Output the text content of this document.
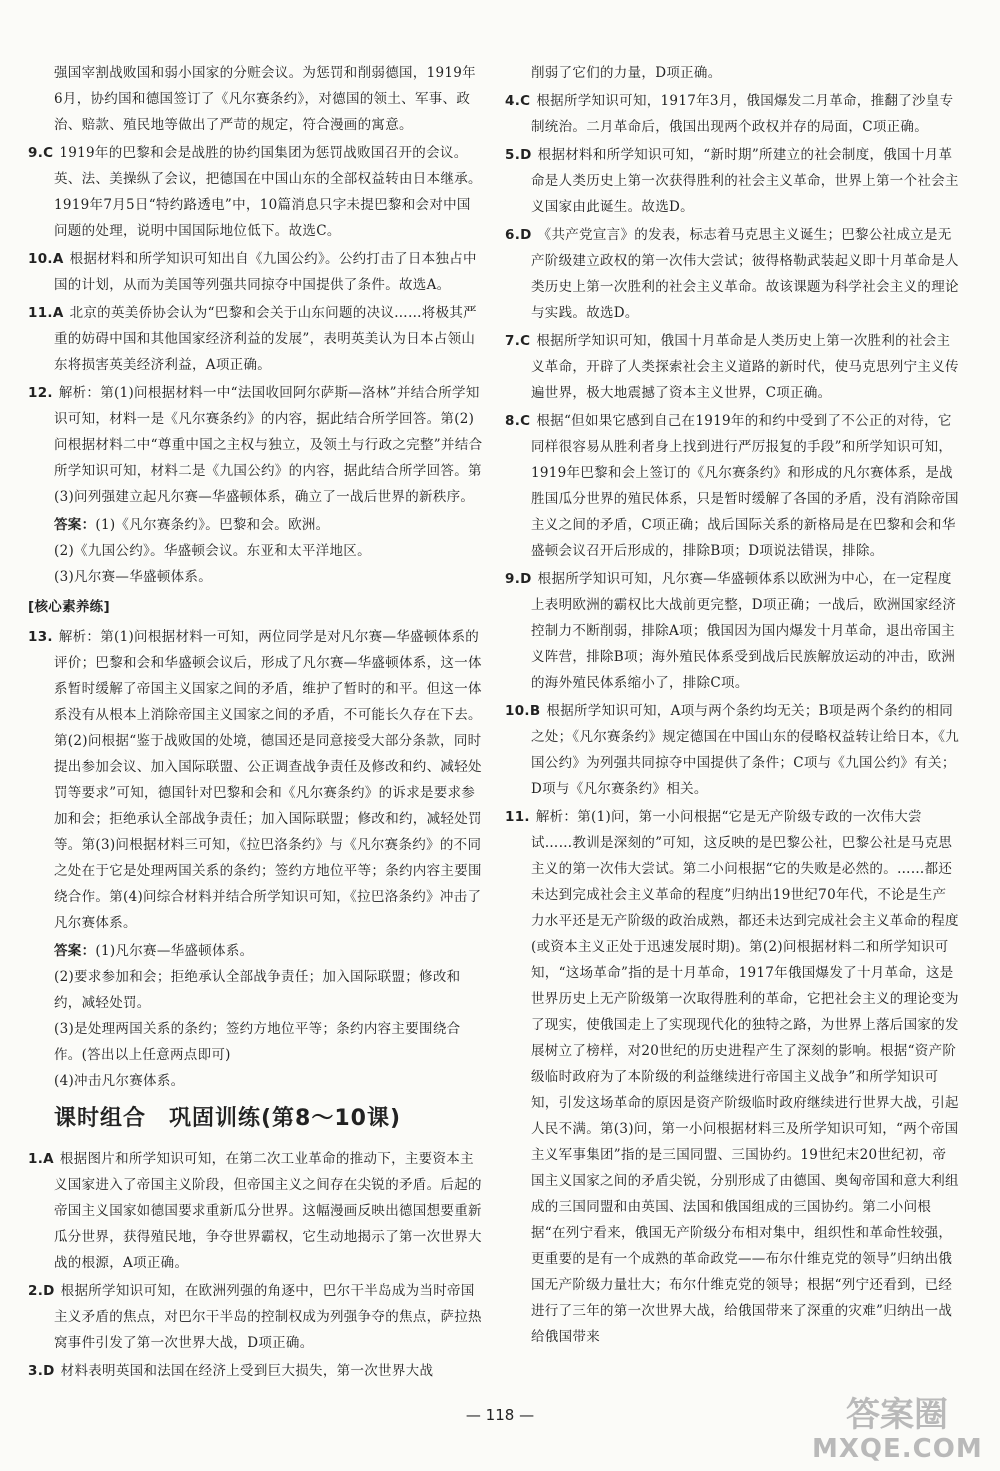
强国宰割战败国和弱小国家的分赃会议。为惩罚和削弱德国，1919年6月，协约国和德国签订了《凡尔赛条约》，对德国的领土、军事、政治、赔款、殖民地等做出了严苛的规定，符合漫画的寓意。

9.C 1919年的巴黎和会是战胜的协约国集团为惩罚战败国召开的会议。英、法、美操纵了会议，把德国在中国山东的全部权益转由日本继承。1919年7月5日“特约路透电”中，10篇消息只字未提巴黎和会对中国问题的处理，说明中国国际地位低下。故选C。

10.A 根据材料和所学知识可知出自《九国公约》。公约打击了日本独占中国的计划，从而为美国等列强共同掠夺中国提供了条件。故选A。

11.A 北京的英美侨协会认为“巴黎和会关于山东问题的决议……将极其严重的妨碍中国和其他国家经济利益的发展”，表明英美认为日本占领山东将损害英美经济利益，A项正确。

12. 解析：第(1)问根据材料一中“法国收回阿尔萨斯—洛林”并结合所学知识可知，材料一是《凡尔赛条约》的内容，据此结合所学回答。第(2)问根据材料二中“尊重中国之主权与独立，及领土与行政之完整”并结合所学知识可知，材料二是《九国公约》的内容，据此结合所学回答。第(3)问列强建立起凡尔赛—华盛顿体系，确立了一战后世界的新秩序。

答案：(1)《凡尔赛条约》。巴黎和会。欧洲。

(2)《九国公约》。华盛顿会议。东亚和太平洋地区。

(3)凡尔赛—华盛顿体系。

[核心素养练]

13. 解析：第(1)问根据材料一可知，两位同学是对凡尔赛—华盛顿体系的评价；巴黎和会和华盛顿会议后，形成了凡尔赛—华盛顿体系，这一体系暂时缓解了帝国主义国家之间的矛盾，维护了暂时的和平。但这一体系没有从根本上消除帝国主义国家之间的矛盾，不可能长久存在下去。第(2)问根据“鉴于战败国的处境，德国还是同意接受大部分条款，同时提出参加会议、加入国际联盟、公正调查战争责任及修改和约、减轻处罚等要求”可知，德国针对巴黎和会和《凡尔赛条约》的诉求是要求参加和会；拒绝承认全部战争责任；加入国际联盟；修改和约，减轻处罚等。第(3)问根据材料三可知，《拉巴洛条约》与《凡尔赛条约》的不同之处在于它是处理两国关系的条约；签约方地位平等；条约内容主要围绕合作。第(4)问综合材料并结合所学知识可知，《拉巴洛条约》冲击了凡尔赛体系。

答案：(1)凡尔赛—华盛顿体系。

(2)要求参加和会；拒绝承认全部战争责任；加入国际联盟；修改和约，减轻处罚。

(3)是处理两国关系的条约；签约方地位平等；条约内容主要围绕合作。(答出以上任意两点即可)

(4)冲击凡尔赛体系。

课时组合　巩固训练(第8～10课)

1.A 根据图片和所学知识可知，在第二次工业革命的推动下，主要资本主义国家进入了帝国主义阶段，但帝国主义之间存在尖锐的矛盾。后起的帝国主义国家如德国要求重新瓜分世界。这幅漫画反映出德国想要重新瓜分世界，获得殖民地，争夺世界霸权，它生动地揭示了第一次世界大战的根源，A项正确。

2.D 根据所学知识可知，在欧洲列强的角逐中，巴尔干半岛成为当时帝国主义矛盾的焦点，对巴尔干半岛的控制权成为列强争夺的焦点，萨拉热窝事件引发了第一次世界大战，D项正确。

3.D 材料表明英国和法国在经济上受到巨大损失，第一次世界大战

削弱了它们的力量，D项正确。

4.C 根据所学知识可知，1917年3月，俄国爆发二月革命，推翻了沙皇专制统治。二月革命后，俄国出现两个政权并存的局面，C项正确。

5.D 根据材料和所学知识可知，“新时期”所建立的社会制度，俄国十月革命是人类历史上第一次获得胜利的社会主义革命，世界上第一个社会主义国家由此诞生。故选D。

6.D 《共产党宣言》的发表，标志着马克思主义诞生；巴黎公社成立是无产阶级建立政权的第一次伟大尝试；彼得格勒武装起义即十月革命是人类历史上第一次胜利的社会主义革命。故该课题为科学社会主义的理论与实践。故选D。

7.C 根据所学知识可知，俄国十月革命是人类历史上第一次胜利的社会主义革命，开辟了人类探索社会主义道路的新时代，使马克思列宁主义传遍世界，极大地震撼了资本主义世界，C项正确。

8.C 根据“但如果它感到自己在1919年的和约中受到了不公正的对待，它同样很容易从胜利者身上找到进行严厉报复的手段”和所学知识可知，1919年巴黎和会上签订的《凡尔赛条约》和形成的凡尔赛体系，是战胜国瓜分世界的殖民体系，只是暂时缓解了各国的矛盾，没有消除帝国主义之间的矛盾，C项正确；战后国际关系的新格局是在巴黎和会和华盛顿会议召开后形成的，排除B项；D项说法错误，排除。

9.D 根据所学知识可知，凡尔赛—华盛顿体系以欧洲为中心，在一定程度上表明欧洲的霸权比大战前更完整，D项正确；一战后，欧洲国家经济控制力不断削弱，排除A项；俄国因为国内爆发十月革命，退出帝国主义阵营，排除B项；海外殖民体系受到战后民族解放运动的冲击，欧洲的海外殖民体系缩小了，排除C项。

10.B 根据所学知识可知，A项与两个条约均无关；B项是两个条约的相同之处；《凡尔赛条约》规定德国在中国山东的侵略权益转让给日本，《九国公约》为列强共同掠夺中国提供了条件；C项与《九国公约》有关；D项与《凡尔赛条约》相关。

11. 解析：第(1)问，第一小问根据“它是无产阶级专政的一次伟大尝试……教训是深刻的”可知，这反映的是巴黎公社，巴黎公社是马克思主义的第一次伟大尝试。第二小问根据“它的失败是必然的。……都还未达到完成社会主义革命的程度”归纳出19世纪70年代，不论是生产力水平还是无产阶级的政治成熟，都还未达到完成社会主义革命的程度(或资本主义正处于迅速发展时期)。第(2)问根据材料二和所学知识可知，“这场革命”指的是十月革命，1917年俄国爆发了十月革命，这是世界历史上无产阶级第一次取得胜利的革命，它把社会主义的理论变为了现实，使俄国走上了实现现代化的独特之路，为世界上落后国家的发展树立了榜样，对20世纪的历史进程产生了深刻的影响。根据“资产阶级临时政府为了本阶级的利益继续进行帝国主义战争”和所学知识可知，引发这场革命的原因是资产阶级临时政府继续进行世界大战，引起人民不满。第(3)问，第一小问根据材料三及所学知识可知，“两个帝国主义军事集团”指的是三国同盟、三国协约。19世纪末20世纪初，帝国主义国家之间的矛盾尖锐，分别形成了由德国、奥匈帝国和意大利组成的三国同盟和由英国、法国和俄国组成的三国协约。第二小问根据“在列宁看来，俄国无产阶级分布相对集中，组织性和革命性较强，更重要的是有一个成熟的革命政党——布尔什维克党的领导”归纳出俄国无产阶级力量壮大；布尔什维克党的领导；根据“列宁还看到，已经进行了三年的第一次世界大战，给俄国带来了深重的灾难”归纳出一战给俄国带来

— 118 —	答案圈
MXQE.COM
